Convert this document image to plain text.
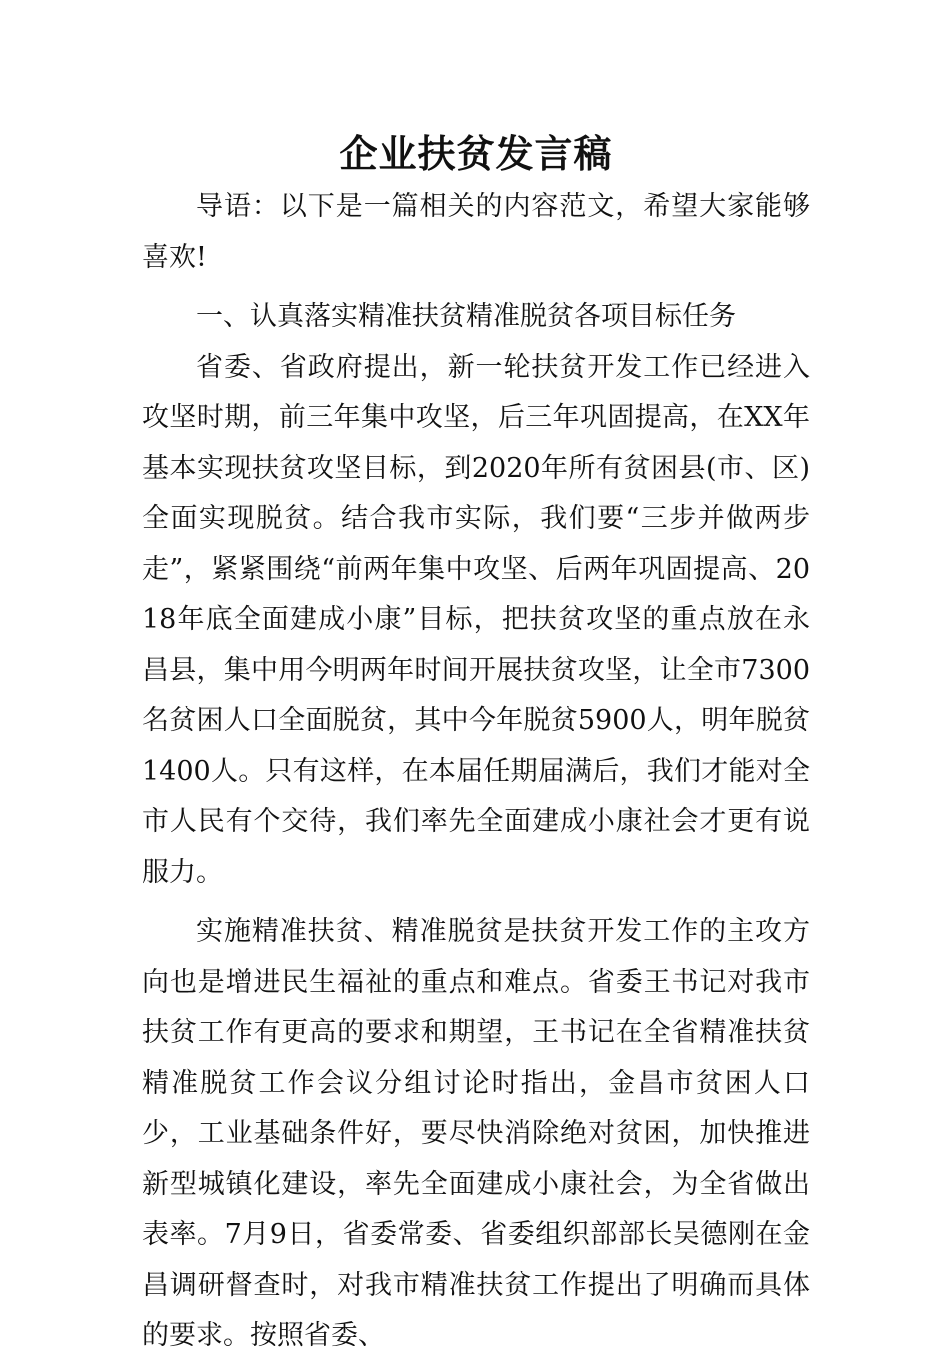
企业扶贫发言稿

导语：以下是一篇相关的内容范文，希望大家能够喜欢!

一、认真落实精准扶贫精准脱贫各项目标任务

省委、省政府提出，新一轮扶贫开发工作已经进入攻坚时期，前三年集中攻坚，后三年巩固提高，在XX年基本实现扶贫攻坚目标，到2020年所有贫困县(市、区)全面实现脱贫。结合我市实际，我们要“三步并做两步走”，紧紧围绕“前两年集中攻坚、后两年巩固提高、2018年底全面建成小康”目标，把扶贫攻坚的重点放在永昌县，集中用今明两年时间开展扶贫攻坚，让全市7300名贫困人口全面脱贫，其中今年脱贫5900人，明年脱贫1400人。只有这样，在本届任期届满后，我们才能对全市人民有个交待，我们率先全面建成小康社会才更有说服力。

实施精准扶贫、精准脱贫是扶贫开发工作的主攻方向也是增进民生福祉的重点和难点。省委王书记对我市扶贫工作有更高的要求和期望，王书记在全省精准扶贫精准脱贫工作会议分组讨论时指出，金昌市贫困人口少，工业基础条件好，要尽快消除绝对贫困，加快推进新型城镇化建设，率先全面建成小康社会，为全省做出表率。7月9日，省委常委、省委组织部部长吴德刚在金昌调研督查时，对我市精准扶贫工作提出了明确而具体的要求。按照省委、
